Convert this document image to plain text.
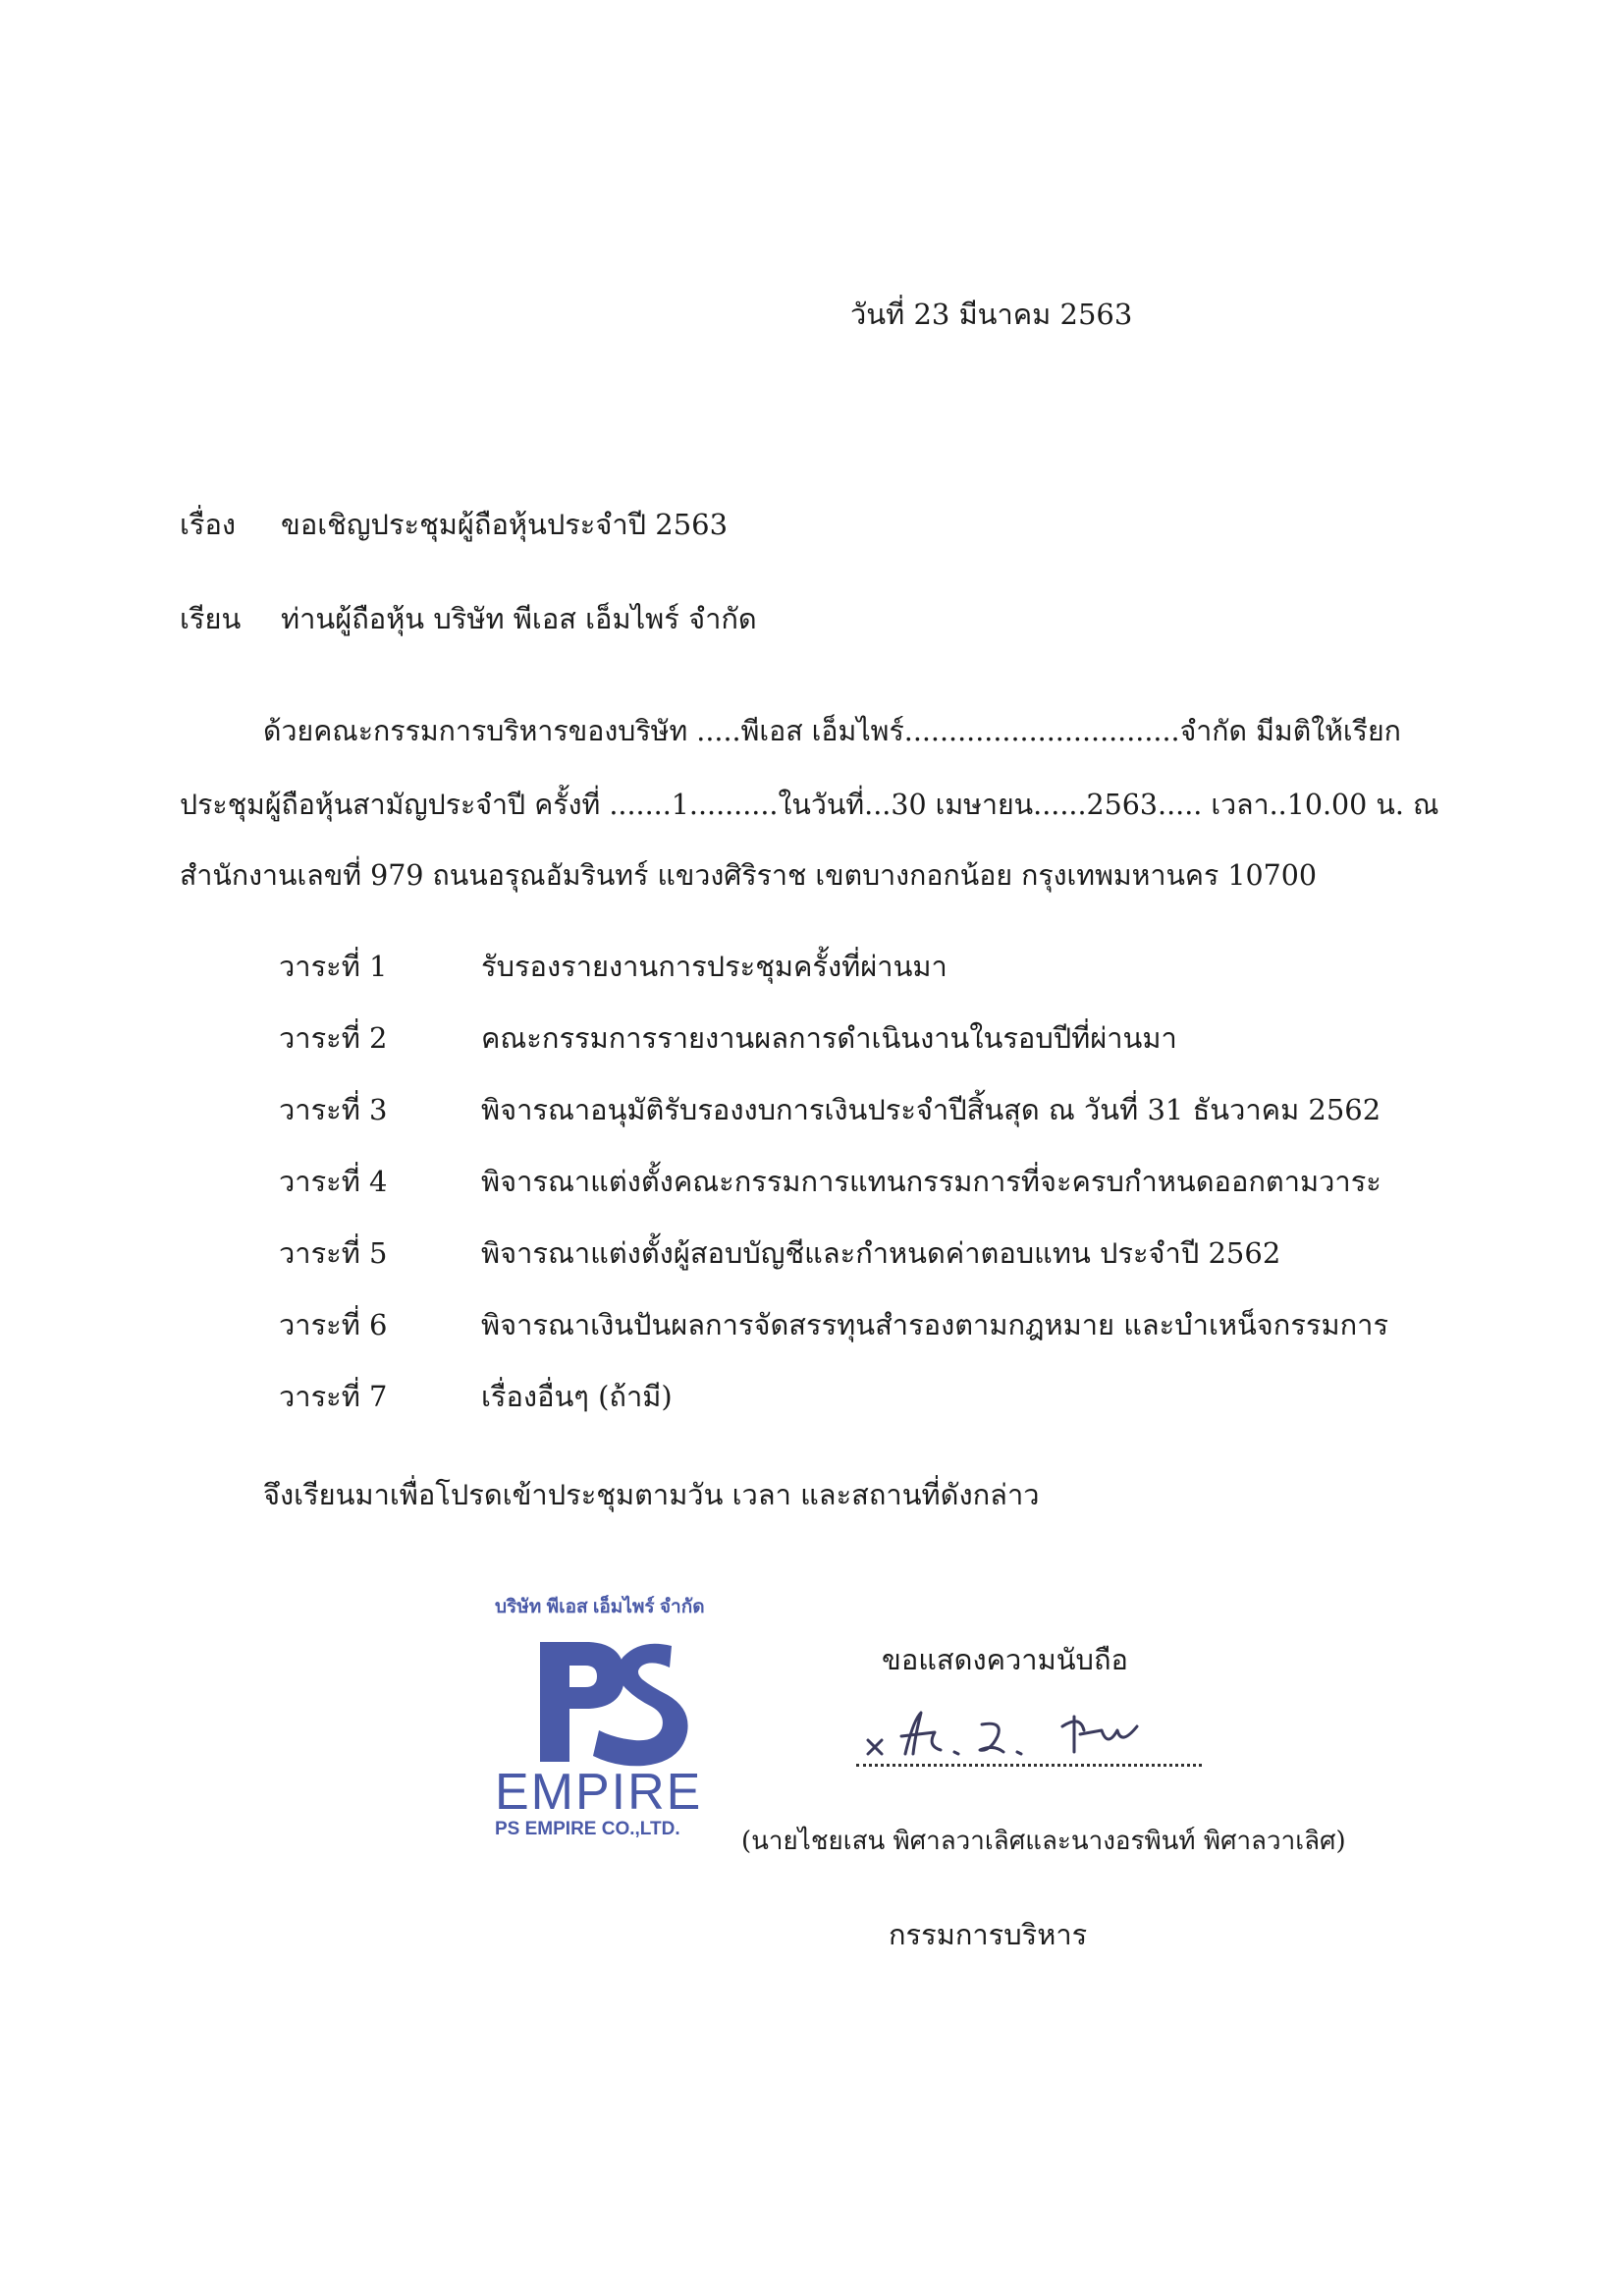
วันที่ 23 มีนาคม 2563
เรื่อง ขอเชิญประชุมผู้ถือหุ้นประจำปี 2563
เรียน ท่านผู้ถือหุ้น บริษัท พีเอส เอ็มไพร์ จำกัด
ด้วยคณะกรรมการบริหารของบริษัท .....พีเอส เอ็มไพร์...............................จำกัด มีมติให้เรียก
ประชุมผู้ถือหุ้นสามัญประจำปี ครั้งที่ .......1..........ในวันที่...30 เมษายน......2563..... เวลา..10.00 น. ณ
สำนักงานเลขที่ 979 ถนนอรุณอัมรินทร์ แขวงศิริราช เขตบางกอกน้อย กรุงเทพมหานคร 10700
วาระที่ 1	รับรองรายงานการประชุมครั้งที่ผ่านมา
วาระที่ 2	คณะกรรมการรายงานผลการดำเนินงานในรอบปีที่ผ่านมา
วาระที่ 3	พิจารณาอนุมัติรับรองงบการเงินประจำปีสิ้นสุด ณ วันที่ 31 ธันวาคม 2562
วาระที่ 4	พิจารณาแต่งตั้งคณะกรรมการแทนกรรมการที่จะครบกำหนดออกตามวาระ
วาระที่ 5	พิจารณาแต่งตั้งผู้สอบบัญชีและกำหนดค่าตอบแทน ประจำปี 2562
วาระที่ 6	พิจารณาเงินปันผลการจัดสรรทุนสำรองตามกฎหมาย และบำเหน็จกรรมการ
วาระที่ 7	เรื่องอื่นๆ (ถ้ามี)
จึงเรียนมาเพื่อโปรดเข้าประชุมตามวัน เวลา และสถานที่ดังกล่าว
บริษัท พีเอส เอ็มไพร์ จำกัด
EMPIRE
PS EMPIRE CO.,LTD.
ขอแสดงความนับถือ
(นายไชยเสน พิศาลวาเลิศและนางอรพินท์ พิศาลวาเลิศ)
กรรมการบริหาร
